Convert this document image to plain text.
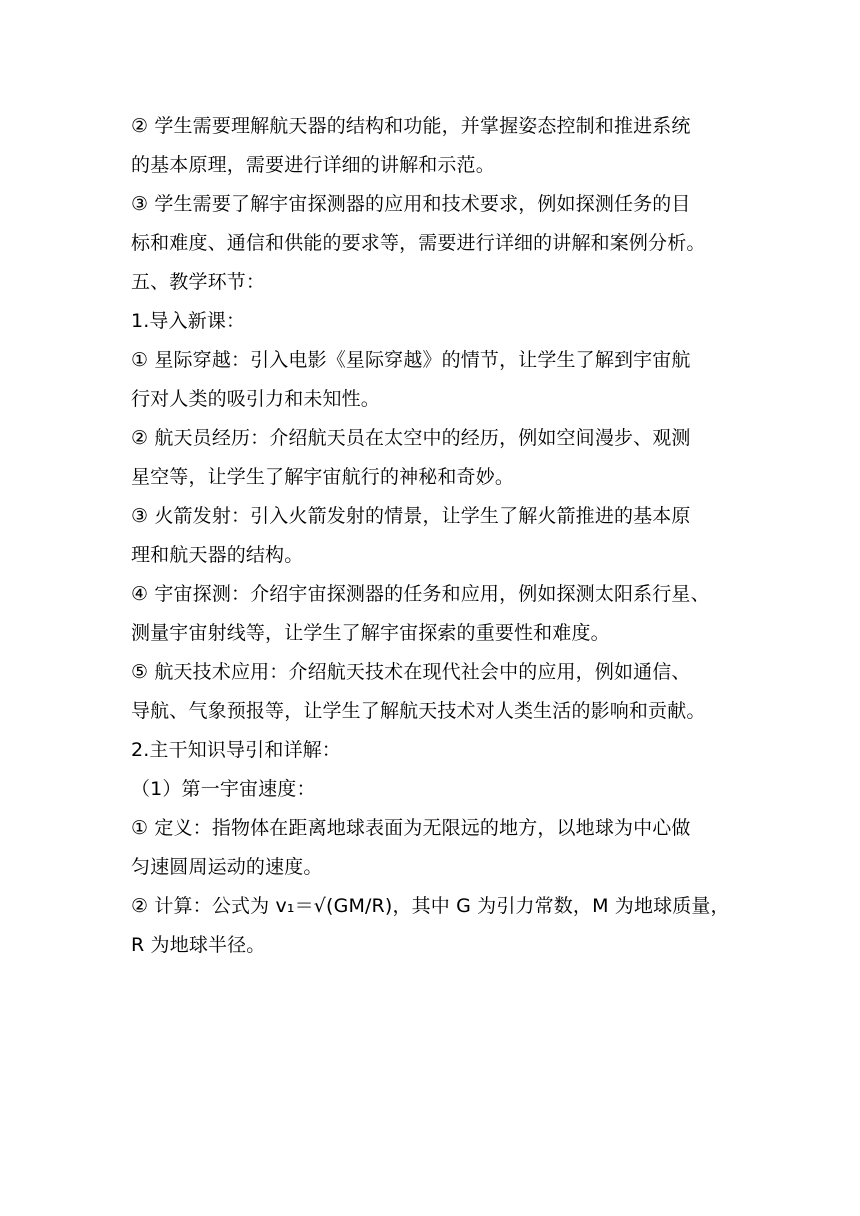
② 学生需要理解航天器的结构和功能，并掌握姿态控制和推进系统
的基本原理，需要进行详细的讲解和示范。
③ 学生需要了解宇宙探测器的应用和技术要求，例如探测任务的目
标和难度、通信和供能的要求等，需要进行详细的讲解和案例分析。
五、教学环节：
1.导入新课：
① 星际穿越：引入电影《星际穿越》的情节，让学生了解到宇宙航
行对人类的吸引力和未知性。
② 航天员经历：介绍航天员在太空中的经历，例如空间漫步、观测
星空等，让学生了解宇宙航行的神秘和奇妙。
③ 火箭发射：引入火箭发射的情景，让学生了解火箭推进的基本原
理和航天器的结构。
④ 宇宙探测：介绍宇宙探测器的任务和应用，例如探测太阳系行星、
测量宇宙射线等，让学生了解宇宙探索的重要性和难度。
⑤ 航天技术应用：介绍航天技术在现代社会中的应用，例如通信、
导航、气象预报等，让学生了解航天技术对人类生活的影响和贡献。
2.主干知识导引和详解：
（1）第一宇宙速度：
① 定义：指物体在距离地球表面为无限远的地方，以地球为中心做
匀速圆周运动的速度。
② 计算：公式为 v₁＝√(GM/R)，其中 G 为引力常数，M 为地球质量，
R 为地球半径。
